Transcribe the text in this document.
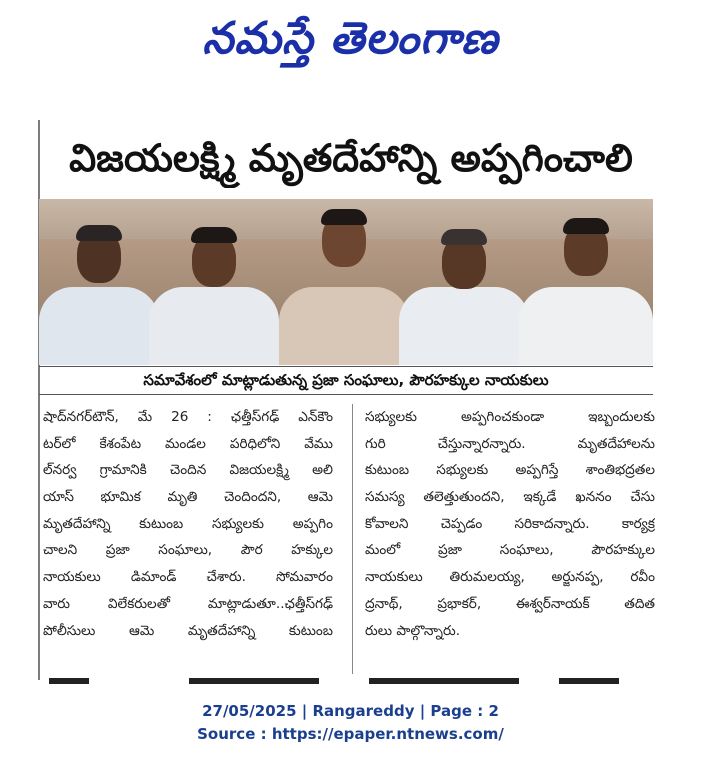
నమస్తే తెలంగాణ
విజయలక్ష్మి మృతదేహాన్ని అప్పగించాలి
సమావేశంలో మాట్లాడుతున్న ప్రజా సంఘాలు, పౌరహక్కుల నాయకులు
షాద్‌నగర్‌టౌన్, మే 26 : ఛత్తీస్‌గఢ్ ఎన్‌కౌం
టర్‌లో కేశంపేట మండల పరిధిలోని వేము
ల్‌నర్వ గ్రామానికి చెందిన విజయలక్ష్మి అలి
యాస్ భూమిక మృతి చెందిందని, ఆమె
మృతదేహాన్ని కుటుంబ సభ్యులకు అప్పగిం
చాలని ప్రజా సంఘాలు, పౌర హక్కుల
నాయకులు డిమాండ్ చేశారు. సోమవారం
వారు విలేకరులతో మాట్లాడుతూ..ఛత్తీస్‌గఢ్
పోలీసులు ఆమె మృతదేహాన్ని కుటుంబ
సభ్యులకు అప్పగించకుండా ఇబ్బందులకు
గురి చేస్తున్నారన్నారు. మృతదేహాలను
కుటుంబ సభ్యులకు అప్పగిస్తే శాంతిభద్రతల
సమస్య తలెత్తుతుందని, ఇక్కడే ఖననం చేసు
కోవాలని చెప్పడం సరికాదన్నారు. కార్యక్ర
మంలో ప్రజా సంఘాలు, పౌరహక్కుల
నాయకులు తిరుమలయ్య, అర్జునప్ప, రవీం
ద్రనాథ్, ప్రభాకర్, ఈశ్వర్‌నాయక్ తదిత
రులు పాల్గొన్నారు.
27/05/2025 | Rangareddy | Page : 2
Source : https://epaper.ntnews.com/
